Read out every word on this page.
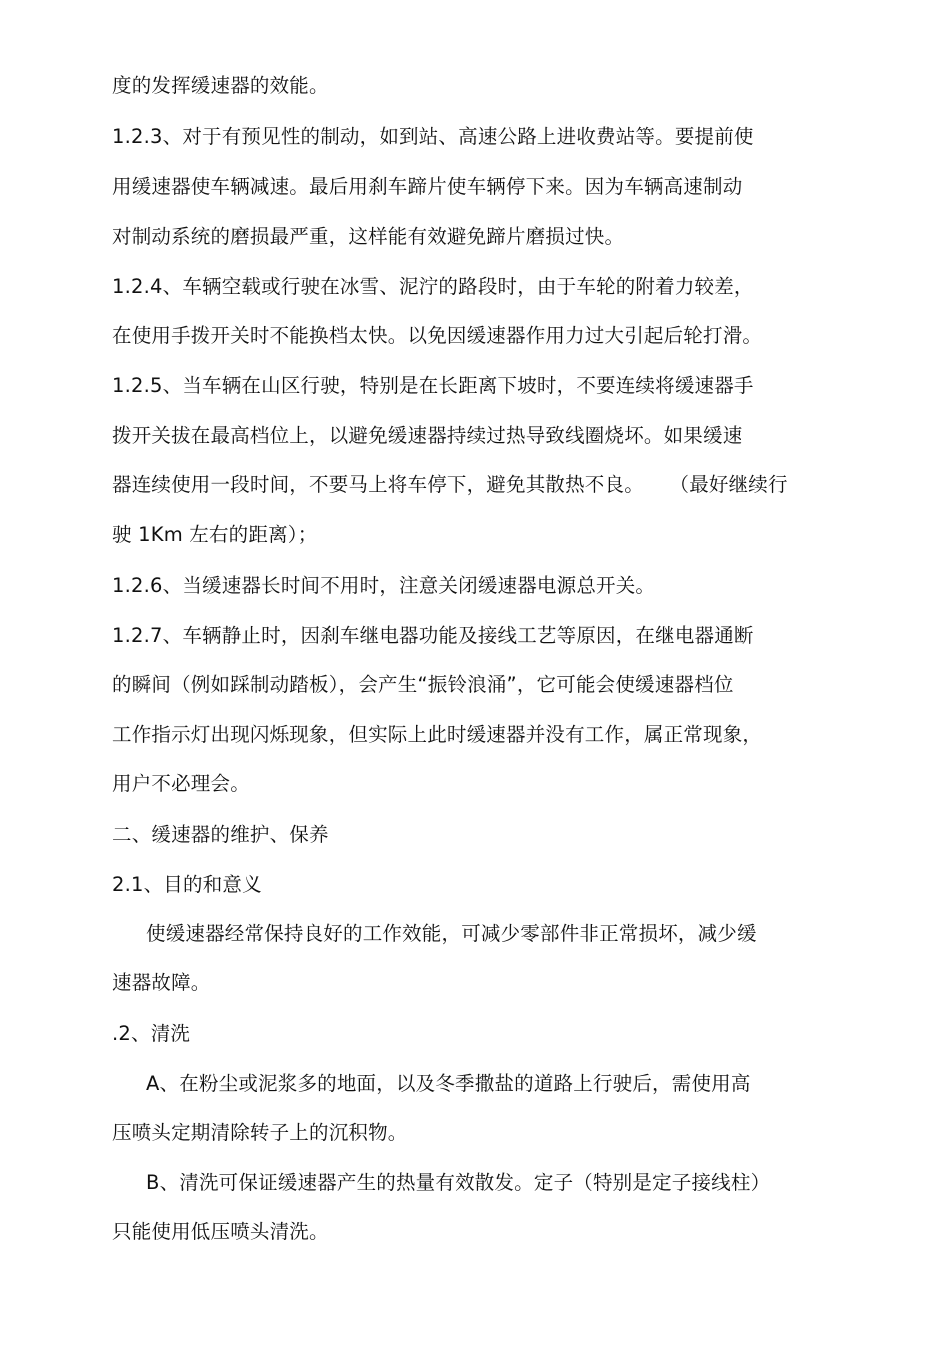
度的发挥缓速器的效能。
1.2.3、对于有预见性的制动，如到站、高速公路上进收费站等。要提前使
用缓速器使车辆减速。最后用刹车蹄片使车辆停下来。因为车辆高速制动
对制动系统的磨损最严重，这样能有效避免蹄片磨损过快。
1.2.4、车辆空载或行驶在冰雪、泥泞的路段时，由于车轮的附着力较差，
在使用手拨开关时不能换档太快。以免因缓速器作用力过大引起后轮打滑。
1.2.5、当车辆在山区行驶，特别是在长距离下坡时，不要连续将缓速器手
拨开关拔在最高档位上，以避免缓速器持续过热导致线圈烧坏。如果缓速
器连续使用一段时间，不要马上将车停下，避免其散热不良。    （最好继续行
驶 1Km 左右的距离）；
1.2.6、当缓速器长时间不用时，注意关闭缓速器电源总开关。
1.2.7、车辆静止时，因刹车继电器功能及接线工艺等原因，在继电器通断
的瞬间（例如踩制动踏板），会产生“振铃浪涌”，它可能会使缓速器档位
工作指示灯出现闪烁现象，但实际上此时缓速器并没有工作，属正常现象，
用户不必理会。
二、缓速器的维护、保养
2.1、目的和意义
使缓速器经常保持良好的工作效能，可减少零部件非正常损坏，减少缓
速器故障。
.2、清洗
A、在粉尘或泥浆多的地面，以及冬季撒盐的道路上行驶后，需使用高
压喷头定期清除转子上的沉积物。
B、清洗可保证缓速器产生的热量有效散发。定子（特别是定子接线柱）
只能使用低压喷头清洗。
